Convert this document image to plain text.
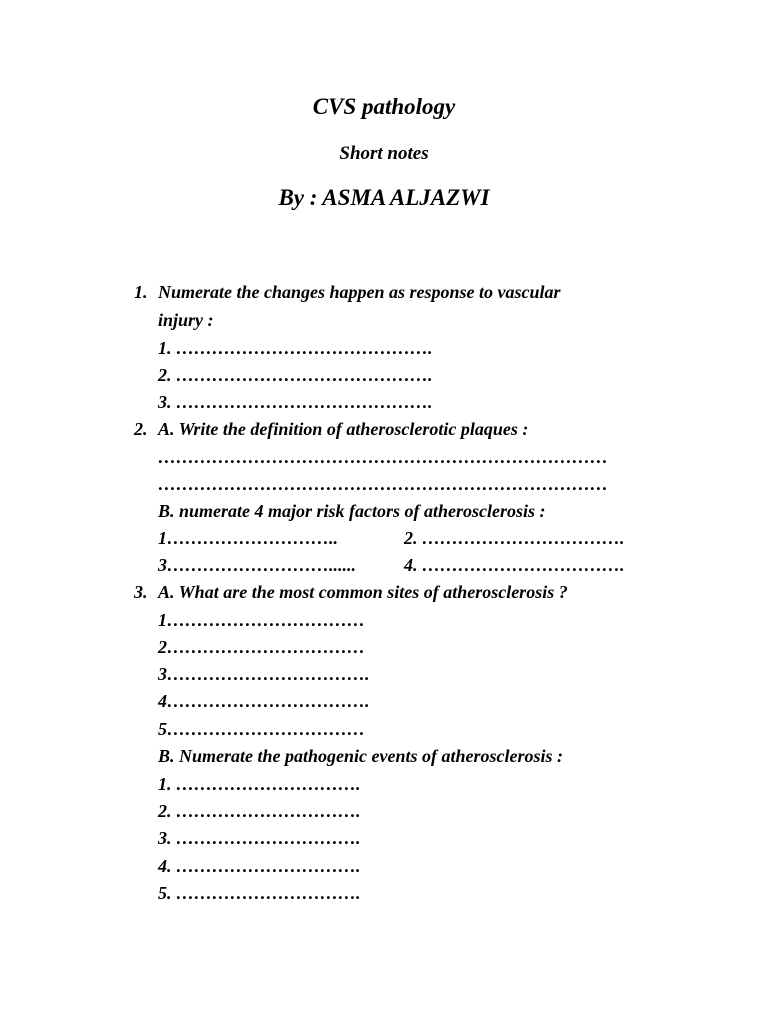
CVS pathology
Short notes
By : ASMA ALJAZWI
1. Numerate the changes happen as response to vascular
injury :
1. …………………………………….
2. …………………………………….
3. …………………………………….
2. A. Write the definition of atherosclerotic plaques :
…………………………………………………………………
…………………………………………………………………
B. numerate 4 major risk factors of atherosclerosis :
1………………………..	2. …………………………….
3………………………......	4. …………………………….
3. A. What are the most common sites of atherosclerosis ?
1……………………………
2……………………………
3…………………………….
4…………………………….
5……………………………
B. Numerate the pathogenic events of atherosclerosis :
1. ………………………….
2. ………………………….
3. ………………………….
4. ………………………….
5. ………………………….
